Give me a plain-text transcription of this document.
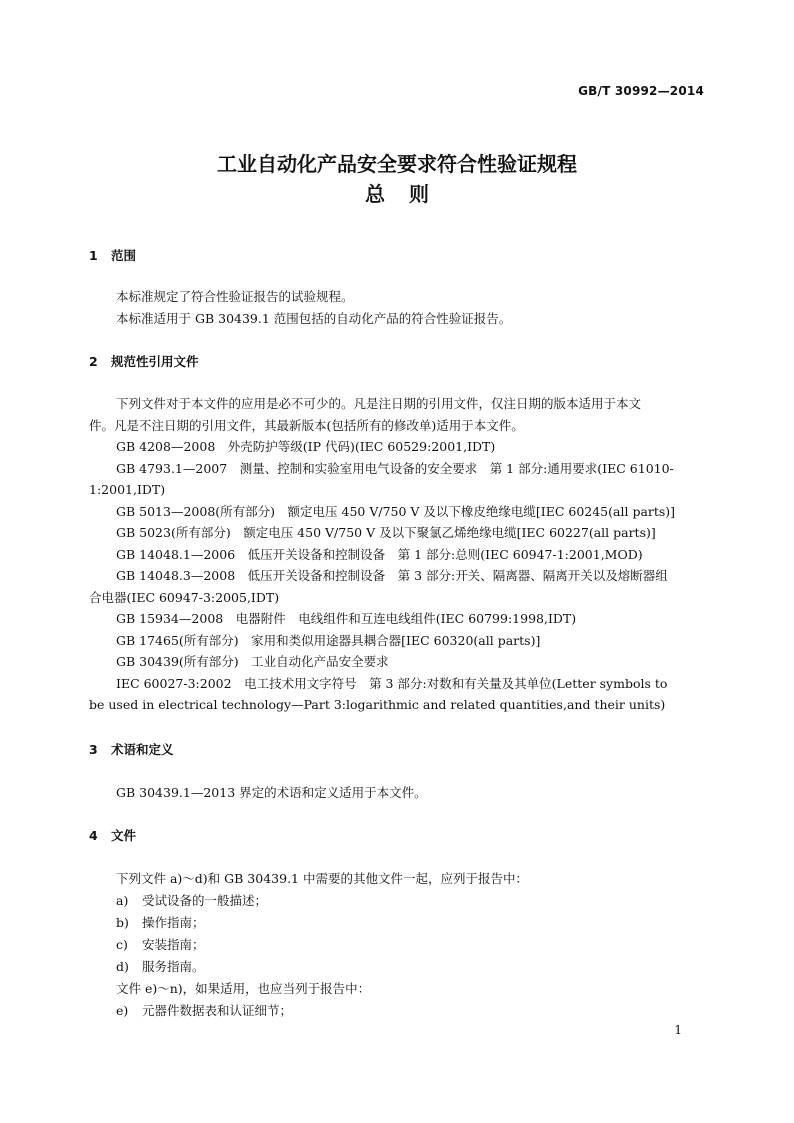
GB/T 30992—2014
工业自动化产品安全要求符合性验证规程
总则
1 范围
本标准规定了符合性验证报告的试验规程。
本标准适用于 GB 30439.1 范围包括的自动化产品的符合性验证报告。
2 规范性引用文件
下列文件对于本文件的应用是必不可少的。凡是注日期的引用文件，仅注日期的版本适用于本文
件。凡是不注日期的引用文件，其最新版本(包括所有的修改单)适用于本文件。
GB 4208—2008　外壳防护等级(IP 代码)(IEC 60529:2001,IDT)
GB 4793.1—2007　测量、控制和实验室用电气设备的安全要求　第 1 部分:通用要求(IEC 61010-
1:2001,IDT)
GB 5013—2008(所有部分)　额定电压 450 V/750 V 及以下橡皮绝缘电缆[IEC 60245(all parts)]
GB 5023(所有部分)　额定电压 450 V/750 V 及以下聚氯乙烯绝缘电缆[IEC 60227(all parts)]
GB 14048.1—2006　低压开关设备和控制设备　第 1 部分:总则(IEC 60947-1:2001,MOD)
GB 14048.3—2008　低压开关设备和控制设备　第 3 部分:开关、隔离器、隔离开关以及熔断器组
合电器(IEC 60947-3:2005,IDT)
GB 15934—2008　电器附件　电线组件和互连电线组件(IEC 60799:1998,IDT)
GB 17465(所有部分)　家用和类似用途器具耦合器[IEC 60320(all parts)]
GB 30439(所有部分)　工业自动化产品安全要求
IEC 60027-3:2002　电工技术用文字符号　第 3 部分:对数和有关量及其单位(Letter symbols to
be used in electrical technology—Part 3:logarithmic and related quantities,and their units)
3 术语和定义
GB 30439.1—2013 界定的术语和定义适用于本文件。
4 文件
下列文件 a)～d)和 GB 30439.1 中需要的其他文件一起，应列于报告中：
a) 受试设备的一般描述；
b) 操作指南；
c) 安装指南；
d) 服务指南。
文件 e)～n)，如果适用，也应当列于报告中：
e) 元器件数据表和认证细节；
1
